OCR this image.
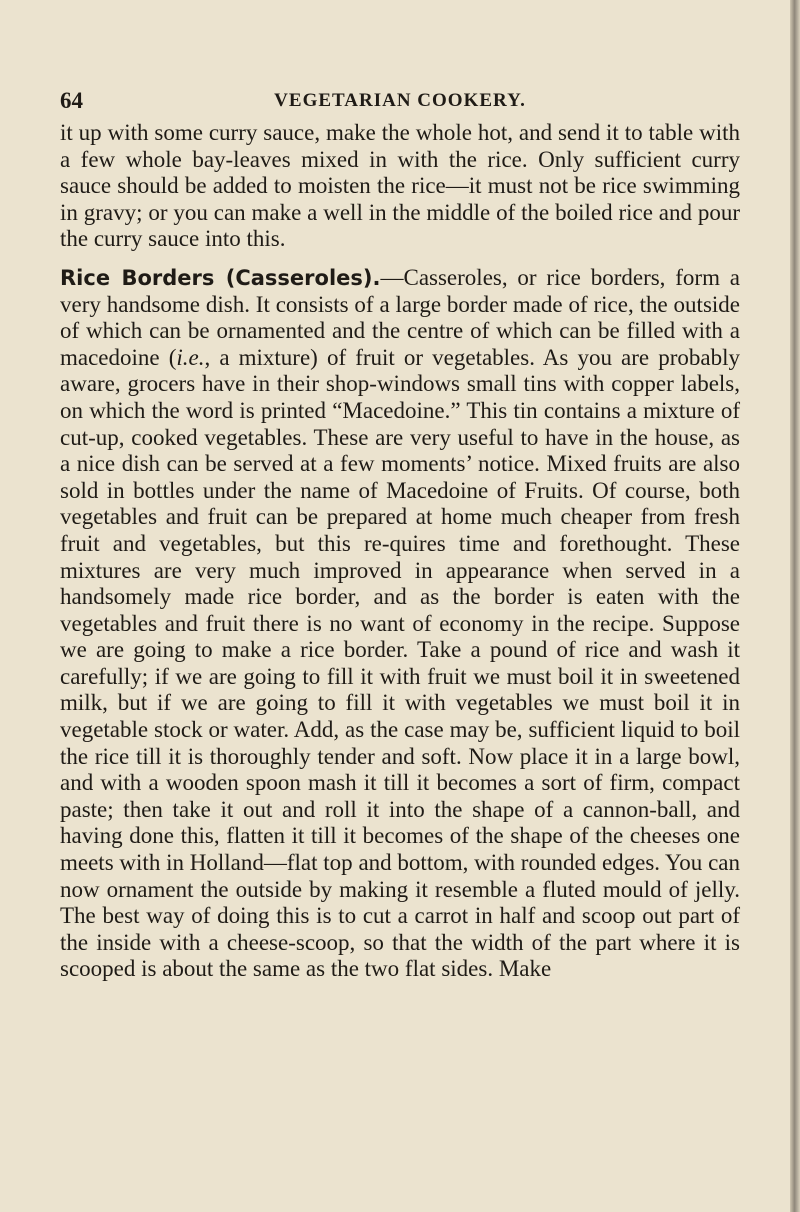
64	VEGETARIAN COOKERY.

it up with some curry sauce, make the whole hot, and send it to table with a few whole bay-leaves mixed in with the rice. Only sufficient curry sauce should be added to moisten the rice—it must not be rice swimming in gravy; or you can make a well in the middle of the boiled rice and pour the curry sauce into this.

Rice Borders (Casseroles).—Casseroles, or rice borders, form a very handsome dish. It consists of a large border made of rice, the outside of which can be ornamented and the centre of which can be filled with a macedoine (i.e., a mixture) of fruit or vegetables. As you are probably aware, grocers have in their shop-windows small tins with copper labels, on which the word is printed “Macedoine.” This tin contains a mixture of cut-up, cooked vegetables. These are very useful to have in the house, as a nice dish can be served at a few moments’ notice. Mixed fruits are also sold in bottles under the name of Macedoine of Fruits. Of course, both vegetables and fruit can be prepared at home much cheaper from fresh fruit and vegetables, but this re-quires time and forethought. These mixtures are very much improved in appearance when served in a handsomely made rice border, and as the border is eaten with the vegetables and fruit there is no want of economy in the recipe. Suppose we are going to make a rice border. Take a pound of rice and wash it carefully; if we are going to fill it with fruit we must boil it in sweetened milk, but if we are going to fill it with vegetables we must boil it in vegetable stock or water. Add, as the case may be, sufficient liquid to boil the rice till it is thoroughly tender and soft. Now place it in a large bowl, and with a wooden spoon mash it till it becomes a sort of firm, compact paste; then take it out and roll it into the shape of a cannon-ball, and having done this, flatten it till it becomes of the shape of the cheeses one meets with in Holland—flat top and bottom, with rounded edges. You can now ornament the outside by making it resemble a fluted mould of jelly. The best way of doing this is to cut a carrot in half and scoop out part of the inside with a cheese-scoop, so that the width of the part where it is scooped is about the same as the two flat sides. Make
